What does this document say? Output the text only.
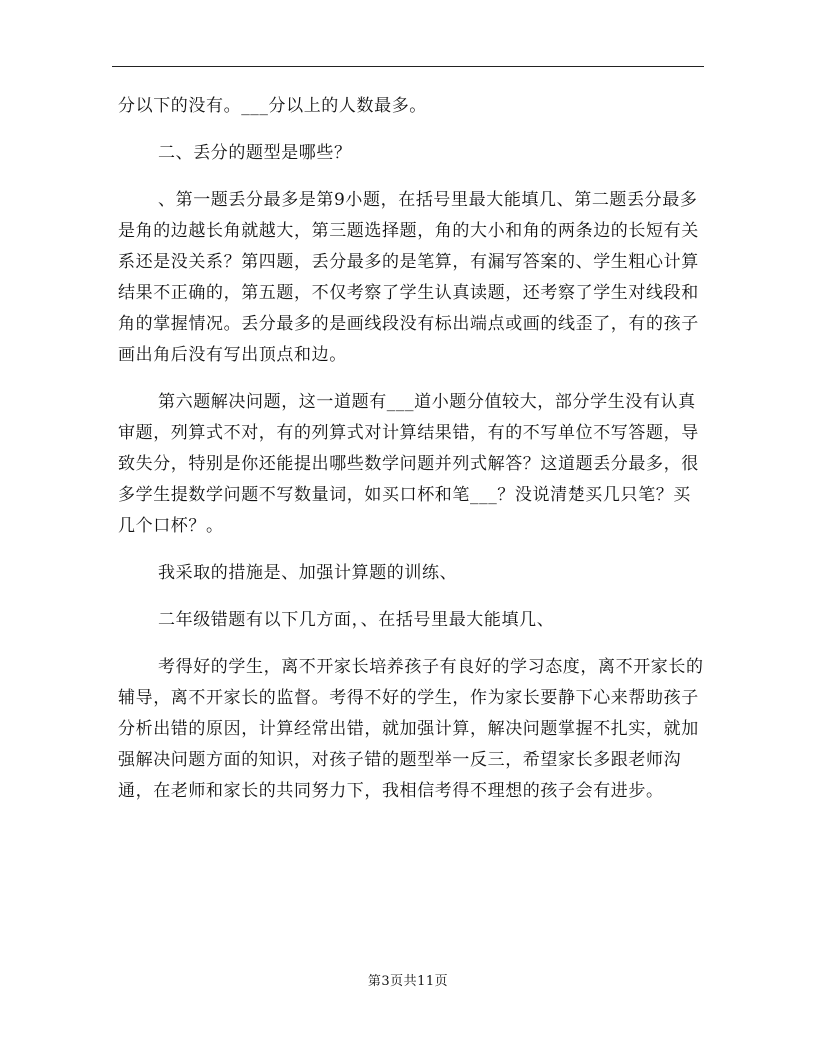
分以下的没有。___分以上的人数最多。

二、丢分的题型是哪些？

、第一题丢分最多是第9小题，在括号里最大能填几、第二题丢分最多是角的边越长角就越大，第三题选择题，角的大小和角的两条边的长短有关系还是没关系？第四题，丢分最多的是笔算，有漏写答案的、学生粗心计算结果不正确的，第五题，不仅考察了学生认真读题，还考察了学生对线段和角的掌握情况。丢分最多的是画线段没有标出端点或画的线歪了，有的孩子画出角后没有写出顶点和边。

第六题解决问题，这一道题有___道小题分值较大，部分学生没有认真审题，列算式不对，有的列算式对计算结果错，有的不写单位不写答题，导致失分，特别是你还能提出哪些数学问题并列式解答？这道题丢分最多，很多学生提数学问题不写数量词，如买口杯和笔___？没说清楚买几只笔？买几个口杯？。

我采取的措施是、加强计算题的训练、

二年级错题有以下几方面，、在括号里最大能填几、

考得好的学生，离不开家长培养孩子有良好的学习态度，离不开家长的辅导，离不开家长的监督。考得不好的学生，作为家长要静下心来帮助孩子分析出错的原因，计算经常出错，就加强计算，解决问题掌握不扎实，就加强解决问题方面的知识，对孩子错的题型举一反三，希望家长多跟老师沟通，在老师和家长的共同努力下，我相信考得不理想的孩子会有进步。

第3页共11页
